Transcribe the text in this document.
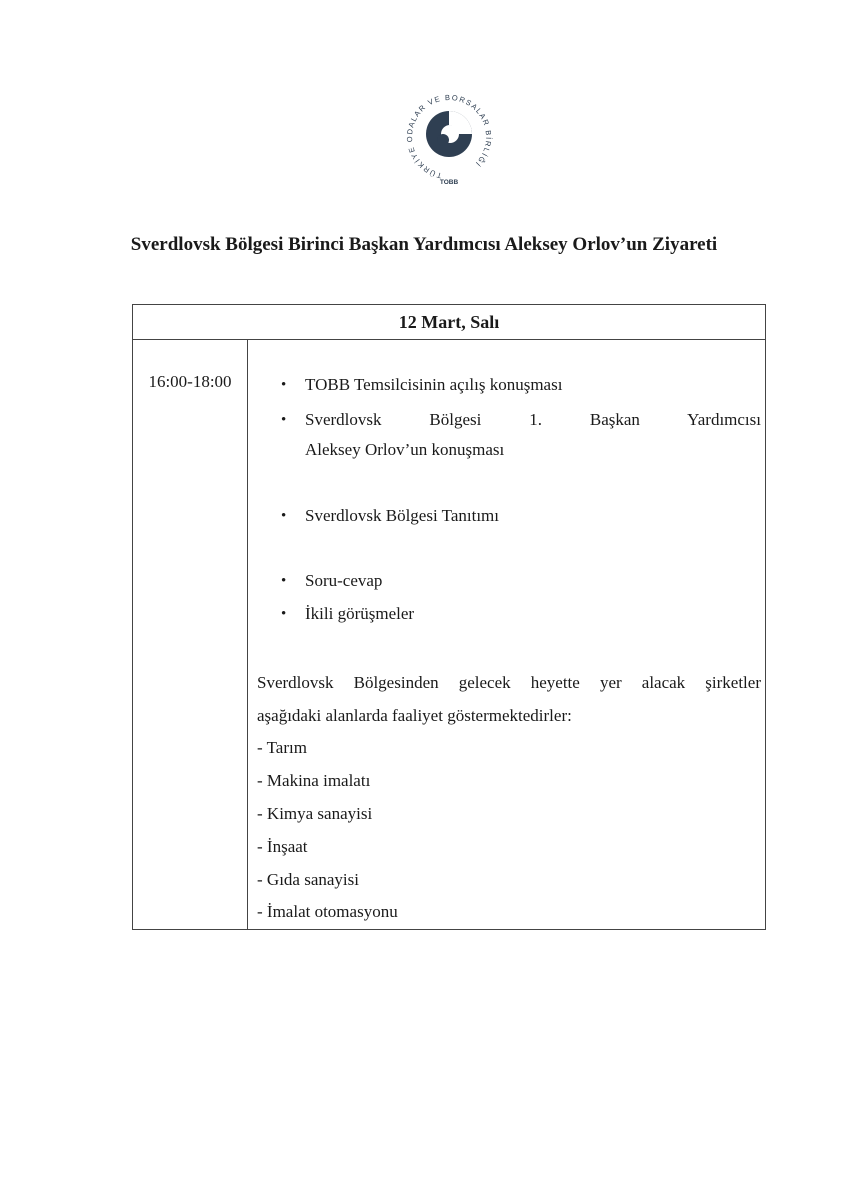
TÜRKİYE ODALAR VE BORSALAR BİRLİĞİ
TOBB
Sverdlovsk Bölgesi Birinci Başkan Yardımcısı Aleksey Orlov’un Ziyareti
12 Mart, Salı
16:00-18:00	• TOBB Temsilcisinin açılış konuşması
• Sverdlovsk Bölgesi 1. Başkan Yardımcısı
Aleksey Orlov’un konuşması
• Sverdlovsk Bölgesi Tanıtımı
• Soru-cevap
• İkili görüşmeler
Sverdlovsk Bölgesinden gelecek heyette yer alacak şirketler
aşağıdaki alanlarda faaliyet göstermektedirler:
- Tarım
- Makina imalatı
- Kimya sanayisi
- İnşaat
- Gıda sanayisi
- İmalat otomasyonu
